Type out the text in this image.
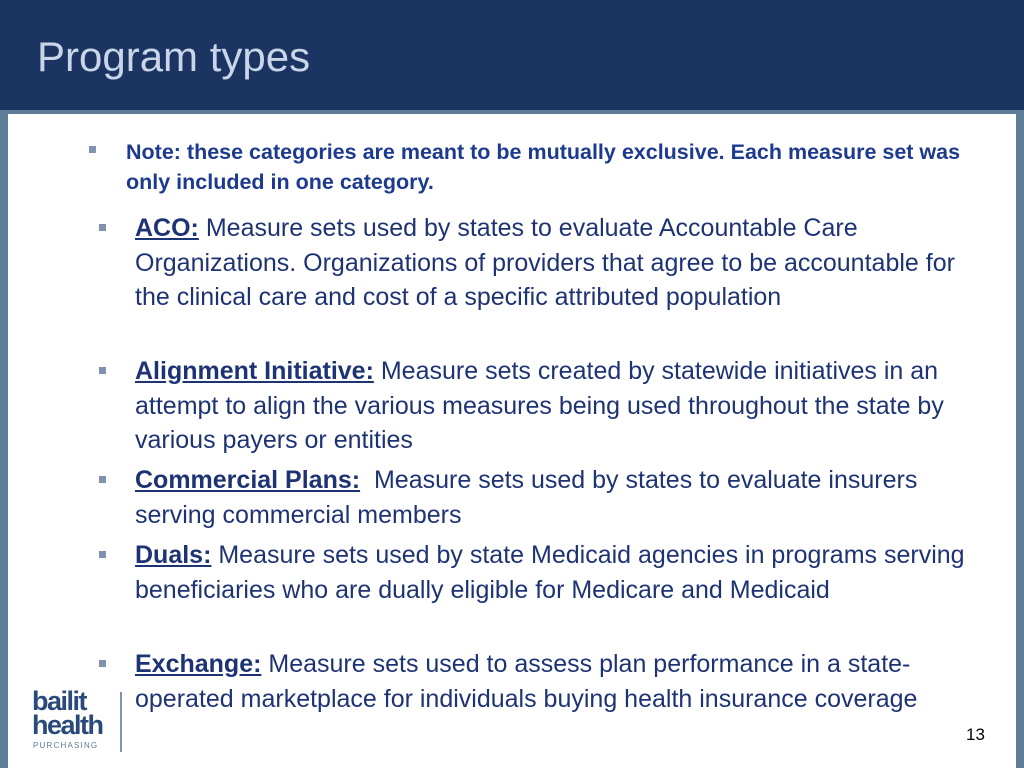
Program types
Note: these categories are meant to be mutually exclusive. Each measure set was only included in one category.
ACO: Measure sets used by states to evaluate Accountable Care Organizations. Organizations of providers that agree to be accountable for the clinical care and cost of a specific attributed population
Alignment Initiative: Measure sets created by statewide initiatives in an attempt to align the various measures being used throughout the state by various payers or entities
Commercial Plans:  Measure sets used by states to evaluate insurers serving commercial members
Duals: Measure sets used by state Medicaid agencies in programs serving beneficiaries who are dually eligible for Medicare and Medicaid
Exchange: Measure sets used to assess plan performance in a state-operated marketplace for individuals buying health insurance coverage
bailit
health
PURCHASING
13
